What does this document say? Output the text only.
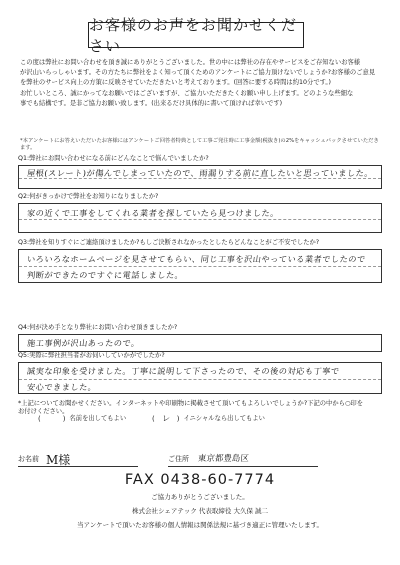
お客様のお声をお聞かせください
この度は弊社にお問い合わせを頂き誠にありがとうございました。世の中には弊社の存在やサービスをご存知ないお客様
が沢山いらっしゃいます。その方たちに弊社をよく知って頂くためのアンケートにご協力頂けないでしょうか?お客様のご意見
を弊社のサービス向上の方策に反映させていただきたいと考えております。(回答に要する時間は約10分です。)
お忙しいところ、誠にかってなお願いではございますが、ご協力いただきたくお願い申し上げます。どのような些細な
事でも結構です。是非ご協力お願い致します。(出来るだけ具体的に書いて頂ければ幸いです)
*本アンケートにお答えいただいたお客様にはアンケートご回答者特典として工事ご発注時に工事金額(税抜き)の2%をキャッシュバックさせていただきます。
Q1:弊社にお問い合わせになる前にどんなことで悩んでいましたか?
屋根(スレート)が傷んでしまっていたので、雨漏りする前に直したいと思っていました。
Q2:何がきっかけで弊社をお知りになりましたか?
家の近くで工事をしてくれる業者を探していたら見つけました。
Q3:弊社を知りすぐにご連絡頂けましたか?もしご決断されなかったとしたらどんなことがご不安でしたか?
いろいろなホームページを見させてもらい、同じ工事を沢山やっている業者でしたので
判断ができたのですぐに電話しました。
Q4:何が決め手となり弊社にお問い合わせ頂きましたか?
施工事例が沢山あったので。
Q5:実際に弊社担当者がお伺いしていかがでしたか?
誠実な印象を受けました。丁寧に説明して下さったので、その後の対応も丁寧で
安心できました。
*上記についてお聞かせください。インターネットや印刷物に掲載させて頂いてもよろしいでしょうか?下記の中から○印を
お付けください。
(	) 名前を出してもよい	( レ ) イニシャルなら出してもよい
お名前 M様	ご住所 東京都豊島区
FAX 0438-60-7774
ご協力ありがとうございました。
株式会社シェアテック 代表取締役 大久保 誠二
当アンケートで頂いたお客様の個人情報は関係法規に基づき適正に管理いたします。
